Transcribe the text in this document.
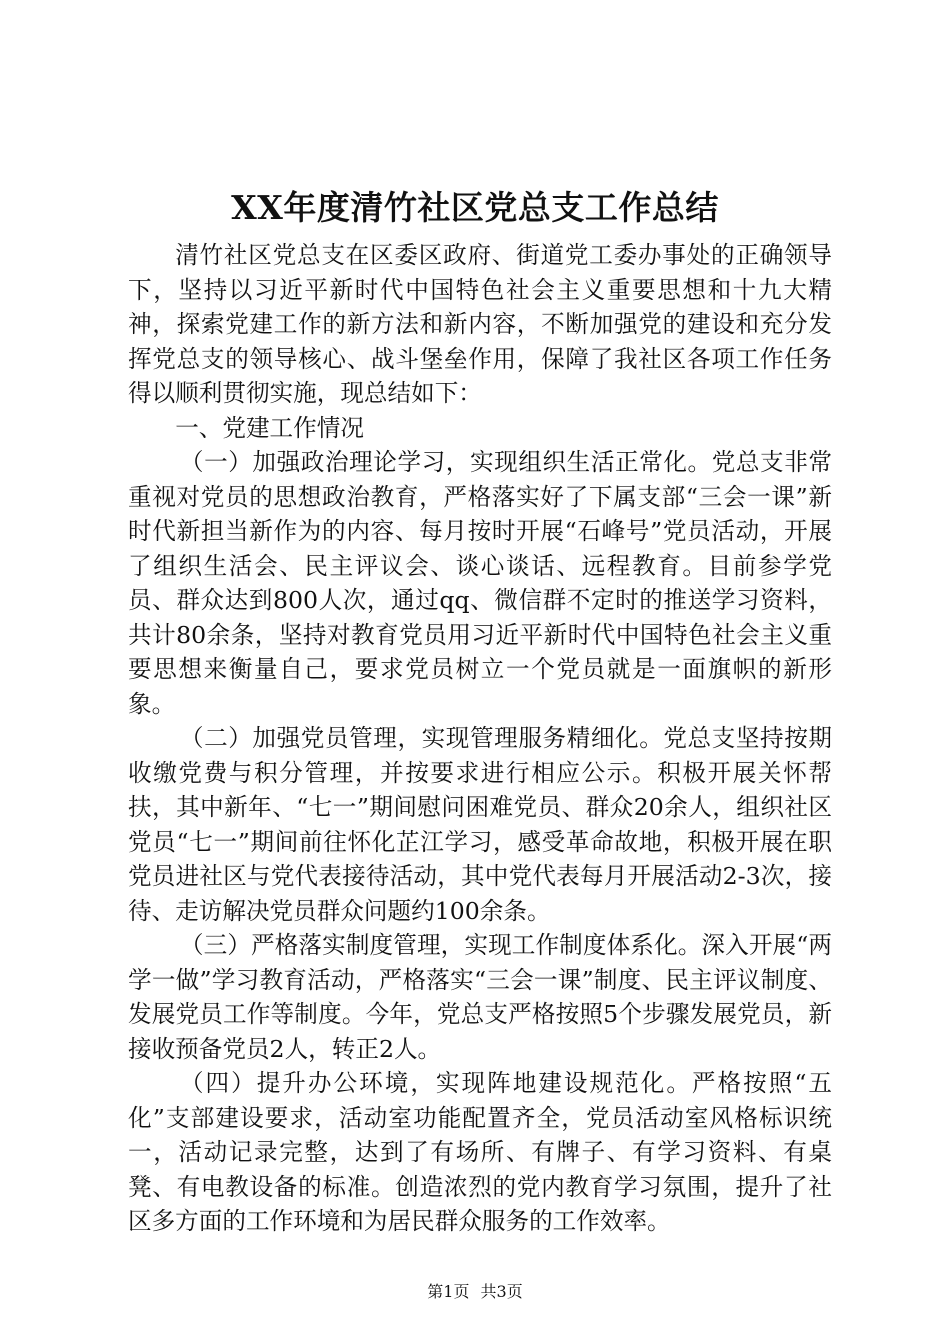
XX年度清竹社区党总支工作总结

清竹社区党总支在区委区政府、街道党工委办事处的正确领导下，坚持以习近平新时代中国特色社会主义重要思想和十九大精神，探索党建工作的新方法和新内容，不断加强党的建设和充分发挥党总支的领导核心、战斗堡垒作用，保障了我社区各项工作任务得以顺利贯彻实施，现总结如下：

一、党建工作情况

（一）加强政治理论学习，实现组织生活正常化。党总支非常重视对党员的思想政治教育，严格落实好了下属支部“三会一课”新时代新担当新作为的内容、每月按时开展“石峰号”党员活动，开展了组织生活会、民主评议会、谈心谈话、远程教育。目前参学党员、群众达到800人次，通过qq、微信群不定时的推送学习资料，共计80余条，坚持对教育党员用习近平新时代中国特色社会主义重要思想来衡量自己，要求党员树立一个党员就是一面旗帜的新形象。

（二）加强党员管理，实现管理服务精细化。党总支坚持按期收缴党费与积分管理，并按要求进行相应公示。积极开展关怀帮扶，其中新年、“七一”期间慰问困难党员、群众20余人，组织社区党员“七一”期间前往怀化芷江学习，感受革命故地，积极开展在职党员进社区与党代表接待活动，其中党代表每月开展活动2-3次，接待、走访解决党员群众问题约100余条。

（三）严格落实制度管理，实现工作制度体系化。深入开展“两学一做”学习教育活动，严格落实“三会一课”制度、民主评议制度、发展党员工作等制度。今年，党总支严格按照5个步骤发展党员，新接收预备党员2人，转正2人。

（四）提升办公环境，实现阵地建设规范化。严格按照“五化”支部建设要求，活动室功能配置齐全，党员活动室风格标识统一，活动记录完整，达到了有场所、有牌子、有学习资料、有桌凳、有电教设备的标准。创造浓烈的党内教育学习氛围，提升了社区多方面的工作环境和为居民群众服务的工作效率。

第1页 共3页
